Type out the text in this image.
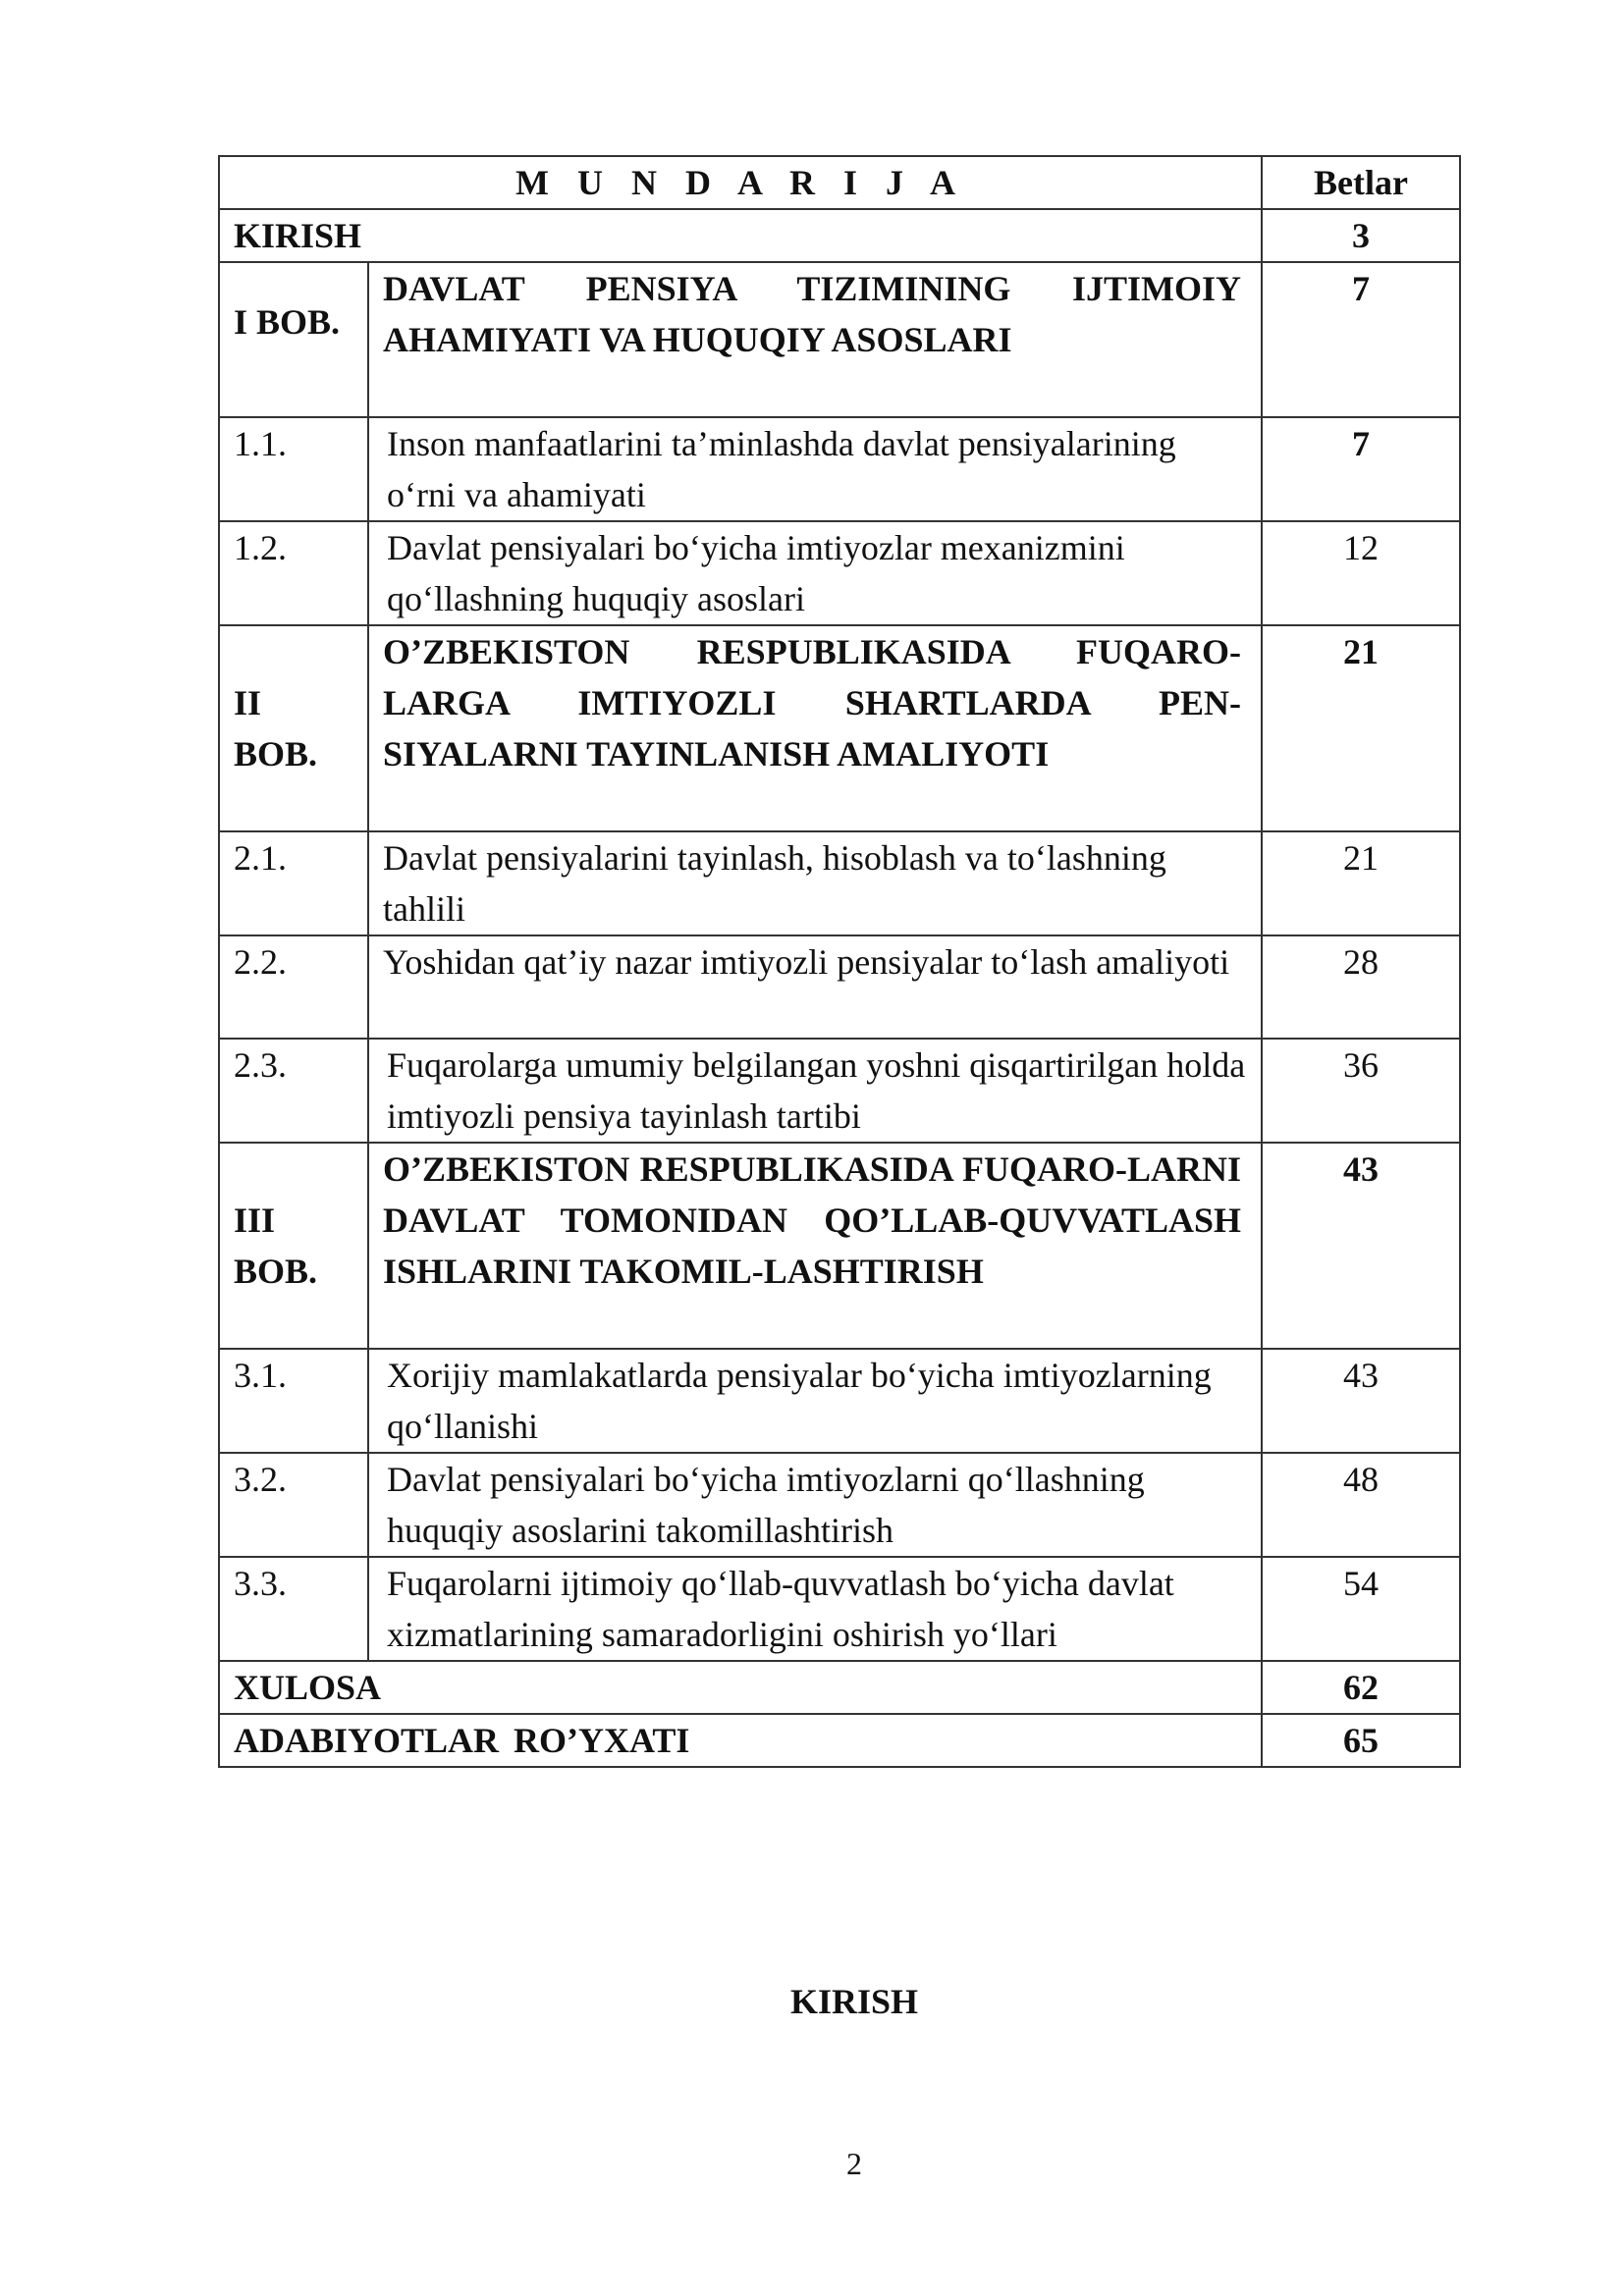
M U N D A R I J A		Betlar
KIRISH		3
I BOB.	DAVLAT PENSIYA TIZIMINING IJTIMOIY AHAMIYATI VA HUQUQIY ASOSLARI	7
1.1.	Inson manfaatlarini ta’minlashda davlat pensiyalarining o‘rni va ahamiyati	7
1.2.	Davlat pensiyalari bo‘yicha imtiyozlar mexanizmini qo‘llashning huquqiy asoslari	12
II BOB.	O’ZBEKISTON RESPUBLIKASIDA FUQARO-LARGA IMTIYOZLI SHARTLARDA PEN-SIYALARNI TAYINLANISH AMALIYOTI	21
2.1.	Davlat pensiyalarini tayinlash, hisoblash va to‘lashning tahlili	21
2.2.	Yoshidan qat’iy nazar imtiyozli pensiyalar to‘lash amaliyoti	28
2.3.	Fuqarolarga umumiy belgilangan yoshni qisqartirilgan holda imtiyozli pensiya tayinlash tartibi	36
III BOB.	O’ZBEKISTON RESPUBLIKASIDA FUQARO-LARNI DAVLAT TOMONIDAN QO’LLAB-QUVVATLASH ISHLARINI TAKOMIL-LASHTIRISH	43
3.1.	Xorijiy mamlakatlarda pensiyalar bo‘yicha imtiyozlarning qo‘llanishi	43
3.2.	Davlat pensiyalari bo‘yicha imtiyozlarni qo‘llashning huquqiy asoslarini takomillashtirish	48
3.3.	Fuqarolarni ijtimoiy qo‘llab-quvvatlash bo‘yicha davlat xizmatlarining samaradorligini oshirish yo‘llari	54
XULOSA		62
ADABIYOTLAR RO’YXATI		65
KIRISH
2
